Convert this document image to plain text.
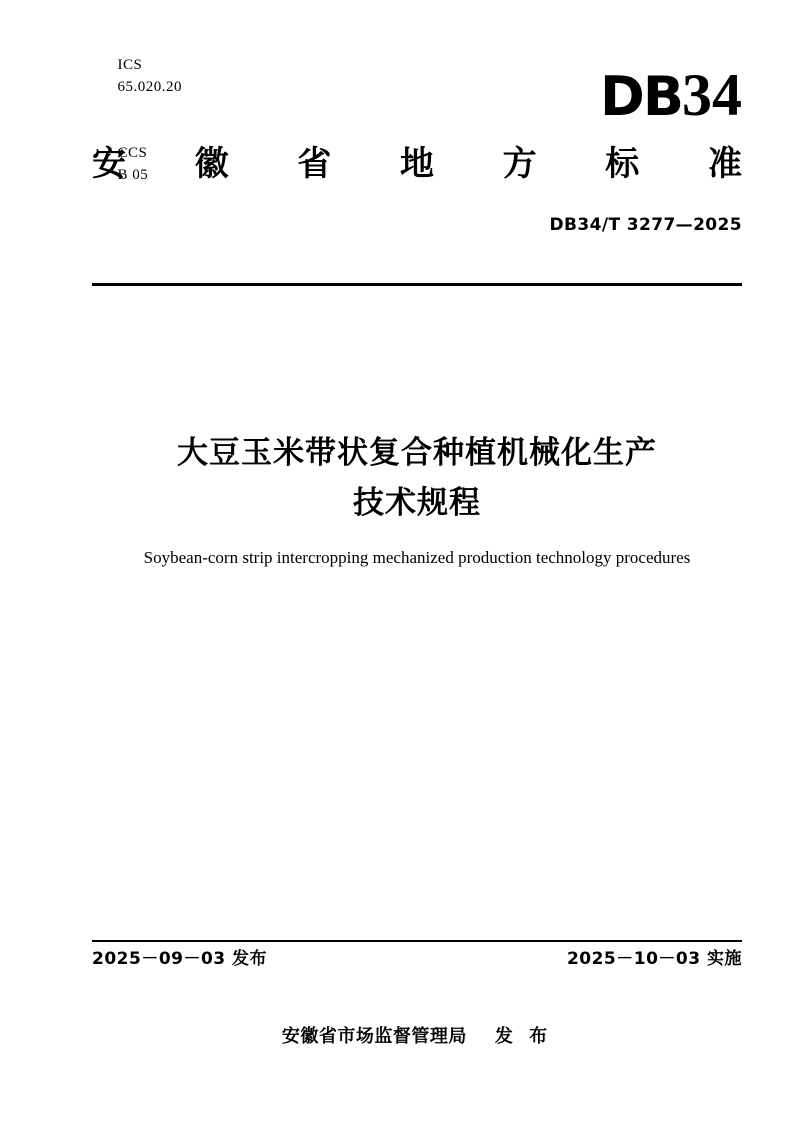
ICS
65.020.20

CCS
B 05

DB34
安 徽 省 地 方 标 准
DB34/T 3277—2025
大豆玉米带状复合种植机械化生产
技术规程
Soybean-corn strip intercropping mechanized production technology procedures
2025－09－03 发布	2025－10－03 实施
安徽省市场监督管理局 发 布
